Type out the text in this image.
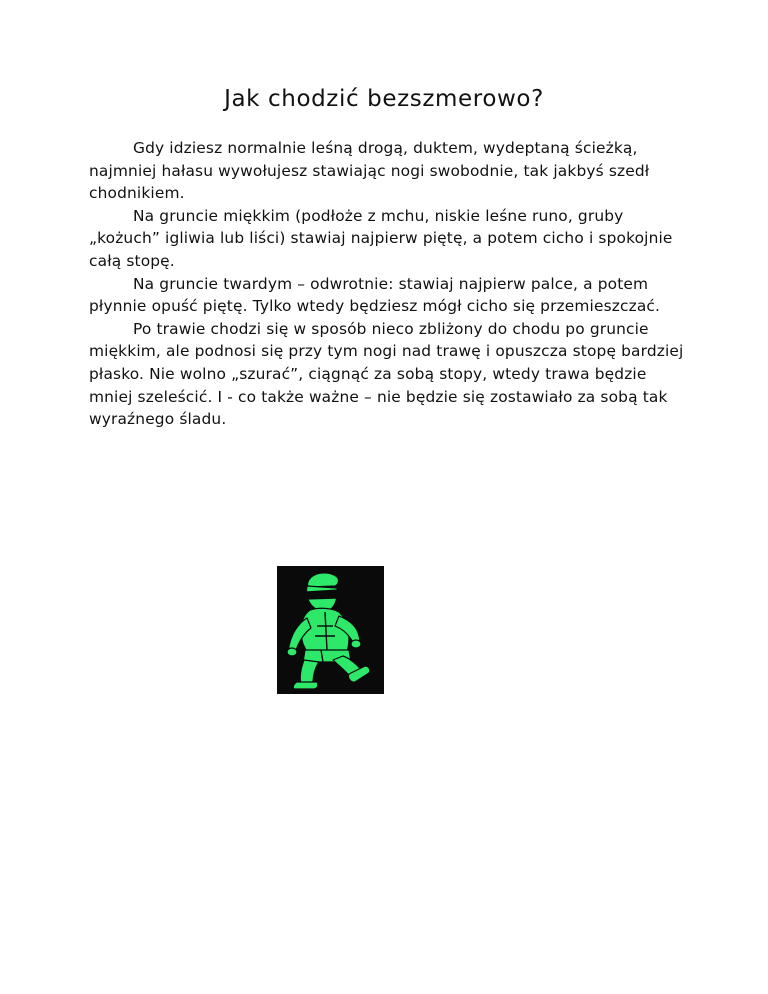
Jak chodzić bezszmerowo?

Gdy idziesz normalnie leśną drogą, duktem, wydeptaną ścieżką, najmniej hałasu wywołujesz stawiając nogi swobodnie, tak jakbyś szedł chodnikiem.

Na gruncie miękkim (podłoże z mchu, niskie leśne runo, gruby „kożuch” igliwia lub liści) stawiaj najpierw piętę, a potem cicho i spokojnie całą stopę.

Na gruncie twardym – odwrotnie: stawiaj najpierw palce, a potem płynnie opuść piętę. Tylko wtedy będziesz mógł cicho się przemieszczać.

Po trawie chodzi się w sposób nieco zbliżony do chodu po gruncie miękkim, ale podnosi się przy tym nogi nad trawę i opuszcza stopę bardziej płasko. Nie wolno „szurać”, ciągnąć za sobą stopy, wtedy trawa będzie mniej szeleścić. I - co także ważne – nie będzie się zostawiało za sobą tak wyraźnego śladu.
